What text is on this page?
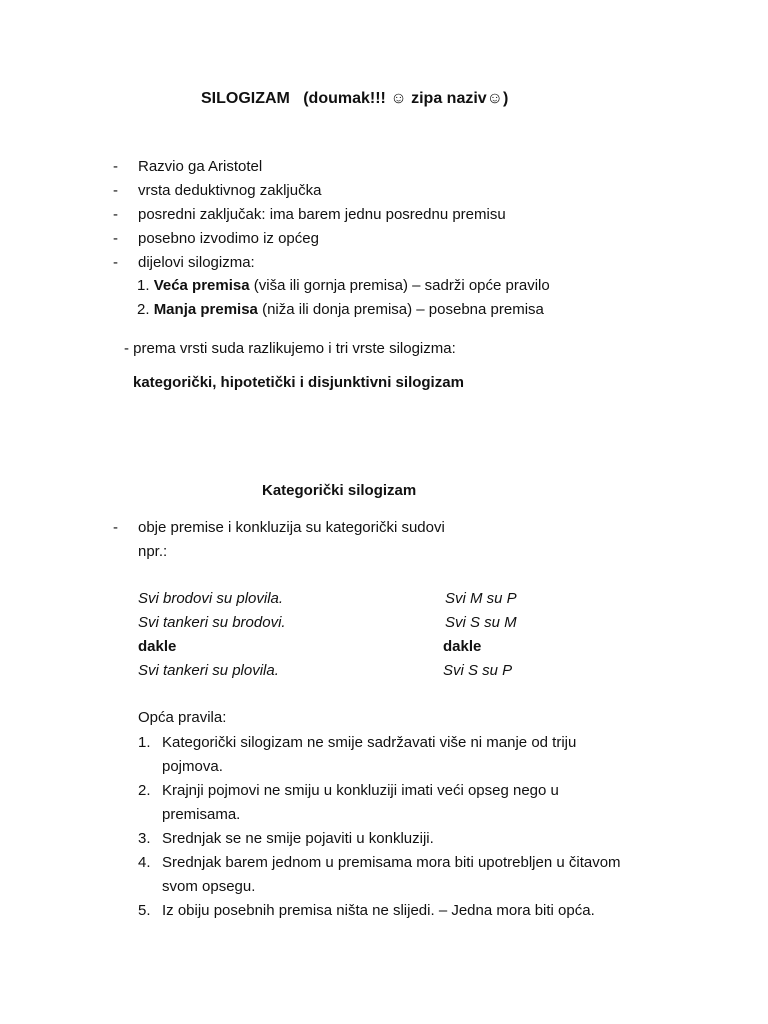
SILOGIZAM   (doumak!!! ☺ zipa naziv☺)
- Razvio ga Aristotel
- vrsta deduktivnog zaključka
- posredni zaključak: ima barem jednu posrednu premisu
- posebno izvodimo iz općeg
- dijelovi silogizma:
1. Veća premisa (viša ili gornja premisa) – sadrži opće pravilo
2. Manja premisa (niža ili donja premisa) – posebna premisa
- prema vrsti suda razlikujemo i tri vrste silogizma:
kategorički, hipotetički i disjunktivni silogizam
Kategorički silogizam
- obje premise i konkluzija su kategorički sudovi
npr.:
Svi brodovi su plovila.
Svi tankeri su brodovi.
dakle
Svi tankeri su plovila.
Svi M su P
Svi S su M
dakle
Svi S su P
Opća pravila:
1. Kategorički silogizam ne smije sadržavati više ni manje od triju
pojmova.
2. Krajnji pojmovi ne smiju u konkluziji imati veći opseg nego u
premisama.
3. Srednjak se ne smije pojaviti u konkluziji.
4. Srednjak barem jednom u premisama mora biti upotrebljen u čitavom
svom opsegu.
5. Iz obiju posebnih premisa ništa ne slijedi. – Jedna mora biti opća.
